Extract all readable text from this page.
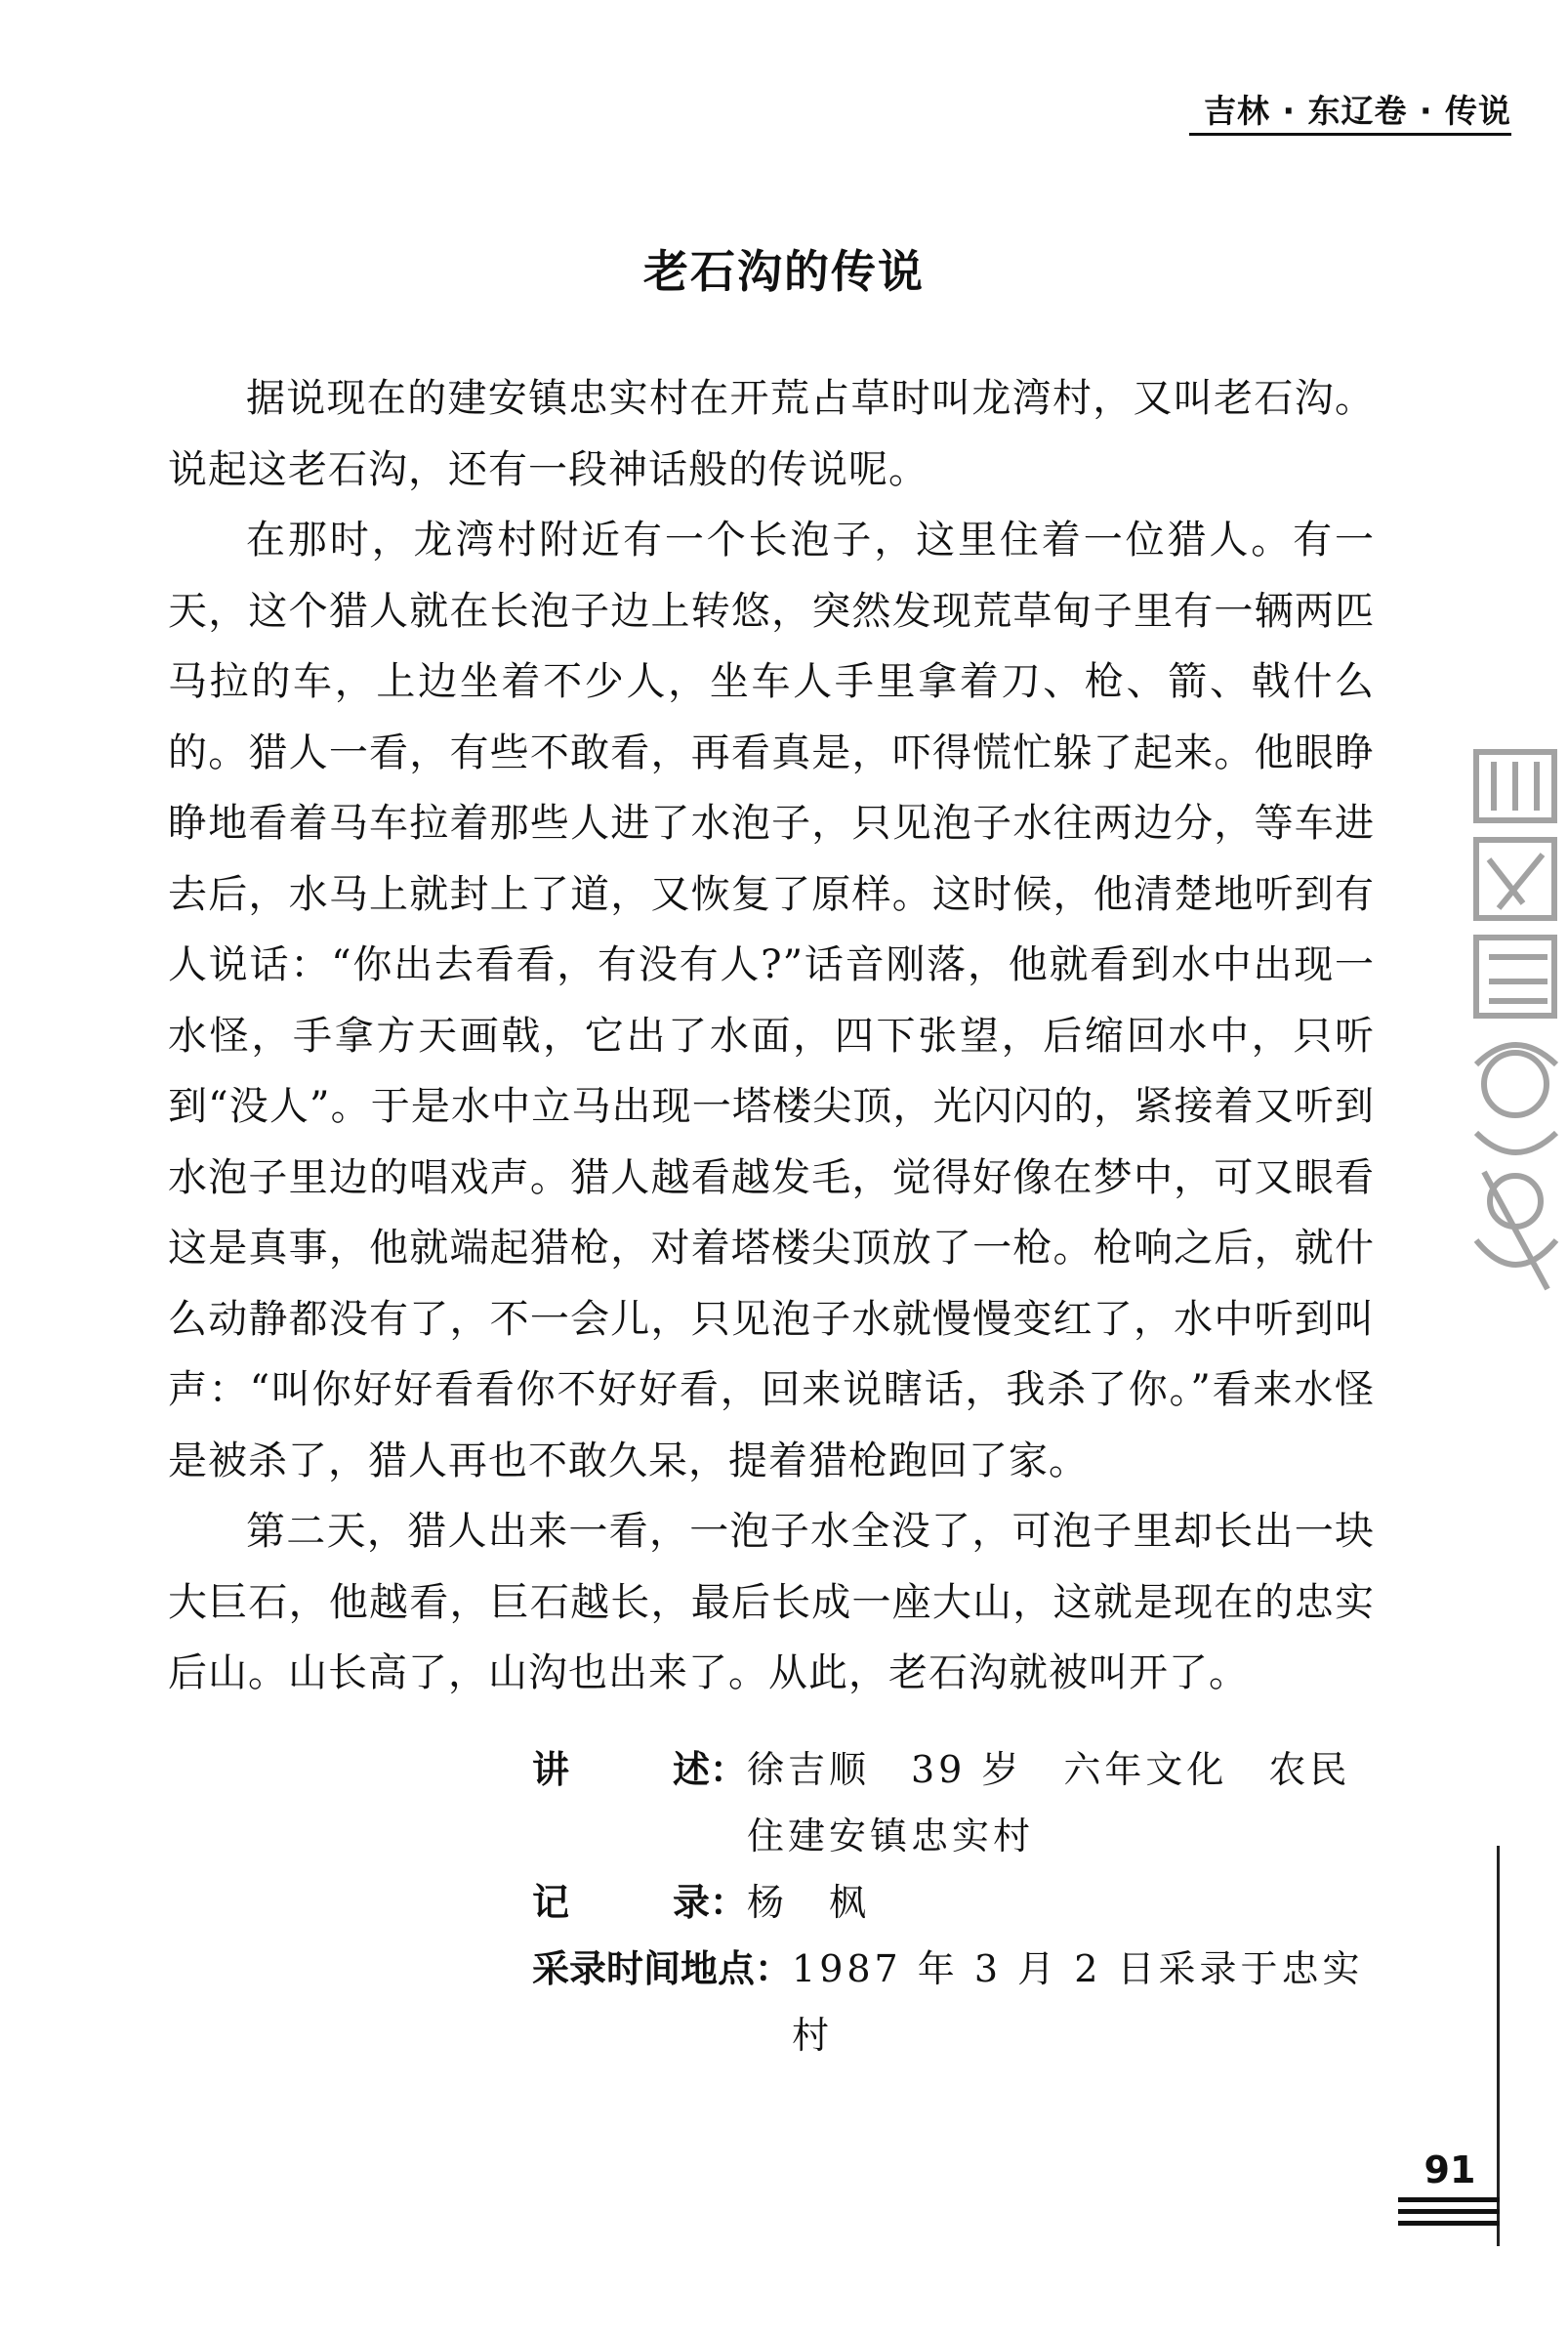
吉林 · 东辽卷 · 传说
老石沟的传说

据说现在的建安镇忠实村在开荒占草时叫龙湾村，又叫老石沟。说起这老石沟，还有一段神话般的传说呢。

在那时，龙湾村附近有一个长泡子，这里住着一位猎人。有一天，这个猎人就在长泡子边上转悠，突然发现荒草甸子里有一辆两匹马拉的车，上边坐着不少人，坐车人手里拿着刀、枪、箭、戟什么的。猎人一看，有些不敢看，再看真是，吓得慌忙躲了起来。他眼睁睁地看着马车拉着那些人进了水泡子，只见泡子水往两边分，等车进去后，水马上就封上了道，又恢复了原样。这时候，他清楚地听到有人说话：“你出去看看，有没有人?”话音刚落，他就看到水中出现一水怪，手拿方天画戟，它出了水面，四下张望，后缩回水中，只听到“没人”。于是水中立马出现一塔楼尖顶，光闪闪的，紧接着又听到水泡子里边的唱戏声。猎人越看越发毛，觉得好像在梦中，可又眼看这是真事，他就端起猎枪，对着塔楼尖顶放了一枪。枪响之后，就什么动静都没有了，不一会儿，只见泡子水就慢慢变红了，水中听到叫声：“叫你好好看看你不好好看，回来说瞎话，我杀了你。”看来水怪是被杀了，猎人再也不敢久呆，提着猎枪跑回了家。

第二天，猎人出来一看，一泡子水全没了，可泡子里却长出一块大巨石，他越看，巨石越长，最后长成一座大山，这就是现在的忠实后山。山长高了，山沟也出来了。从此，老石沟就被叫开了。

讲	述： 徐吉顺　39 岁　六年文化　农民
住建安镇忠实村
记	录： 杨　枫
采录时间地点： 1987 年 3 月 2 日采录于忠实村
91
